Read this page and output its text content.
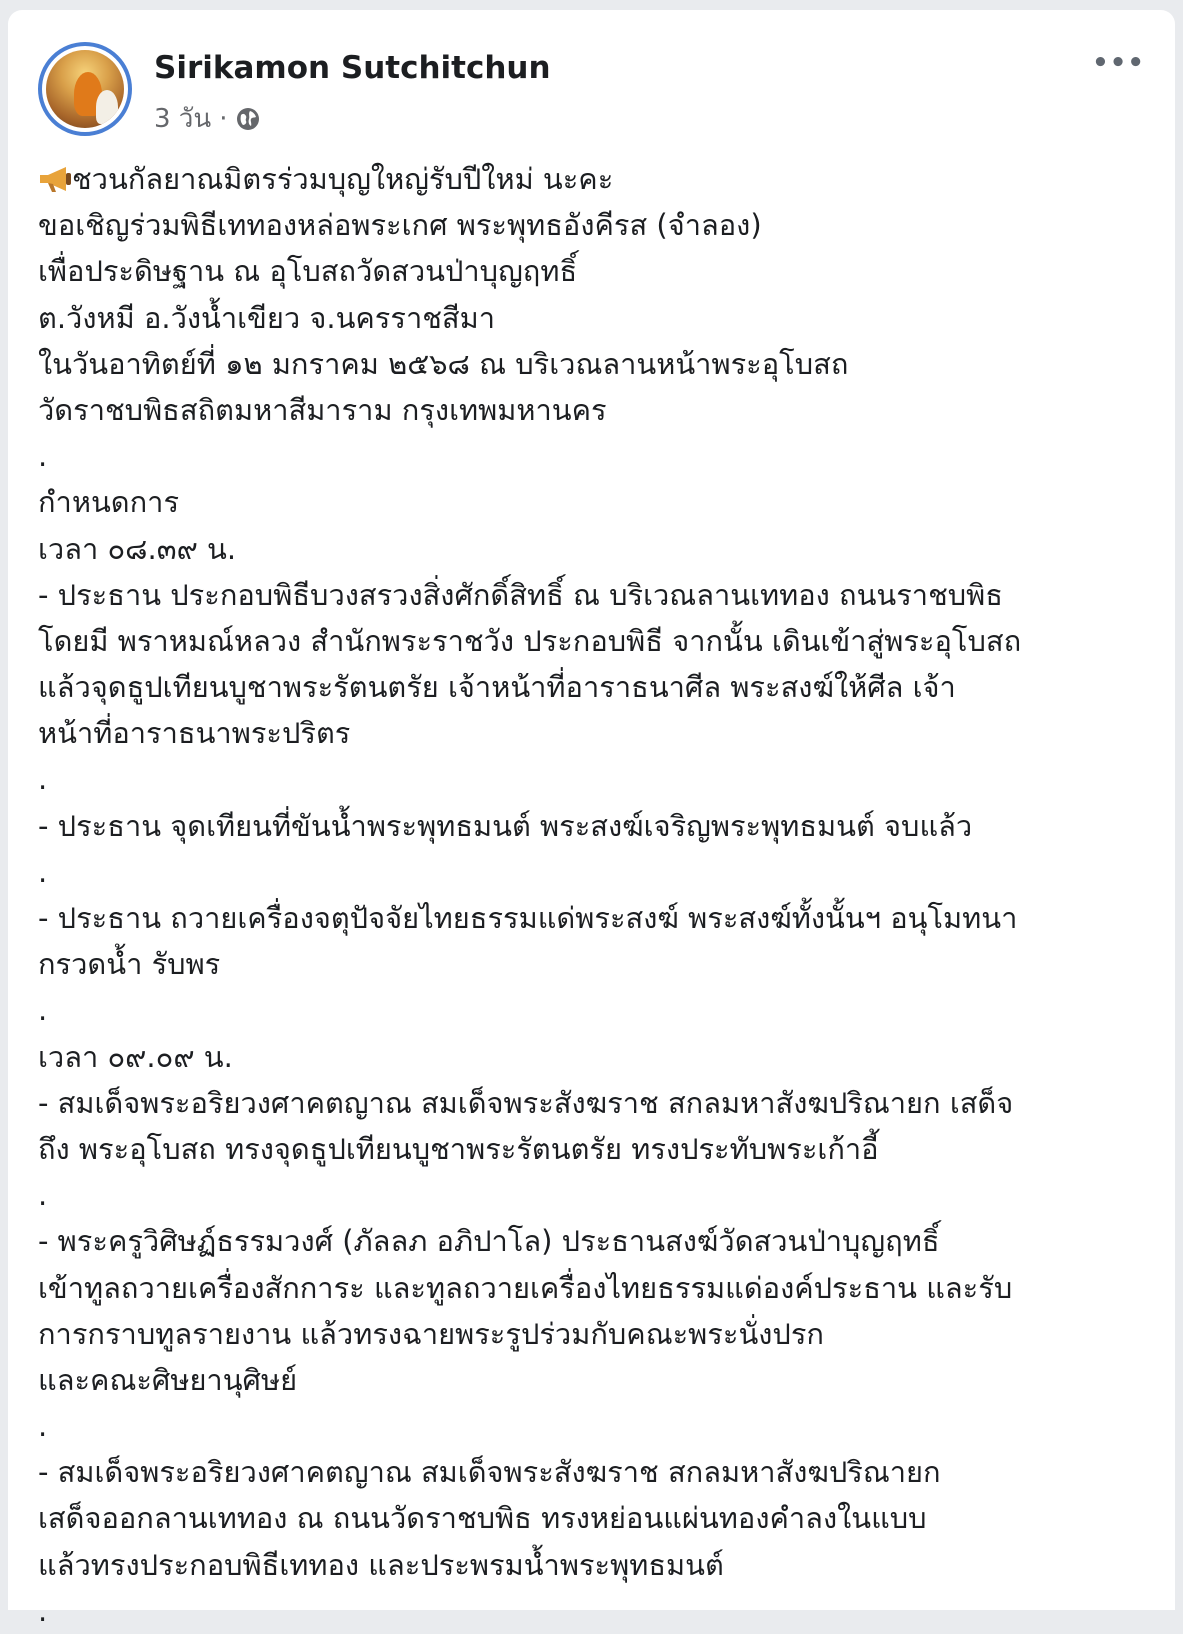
Sirikamon Sutchitchun
3 วัน ·
•••
ชวนกัลยาณมิตรร่วมบุญใหญ่รับปีใหม่ นะคะ
ขอเชิญร่วมพิธีเททองหล่อพระเกศ พระพุทธอังคีรส (จำลอง)
เพื่อประดิษฐาน ณ อุโบสถวัดสวนป่าบุญฤทธิ์
ต.วังหมี อ.วังน้ำเขียว จ.นครราชสีมา
ในวันอาทิตย์ที่ ๑๒ มกราคม ๒๕๖๘ ณ บริเวณลานหน้าพระอุโบสถ
วัดราชบพิธสถิตมหาสีมาราม กรุงเทพมหานคร
.
กำหนดการ
เวลา ๐๘.๓๙ น.
- ประธาน ประกอบพิธีบวงสรวงสิ่งศักดิ์สิทธิ์ ณ บริเวณลานเททอง ถนนราชบพิธ
โดยมี พราหมณ์หลวง สำนักพระราชวัง ประกอบพิธี จากนั้น เดินเข้าสู่พระอุโบสถ
แล้วจุดธูปเทียนบูชาพระรัตนตรัย เจ้าหน้าที่อาราธนาศีล พระสงฆ์ให้ศีล เจ้า
หน้าที่อาราธนาพระปริตร
.
- ประธาน จุดเทียนที่ขันน้ำพระพุทธมนต์ พระสงฆ์เจริญพระพุทธมนต์ จบแล้ว
.
- ประธาน ถวายเครื่องจตุปัจจัยไทยธรรมแด่พระสงฆ์ พระสงฆ์ทั้งนั้นฯ อนุโมทนา
กรวดน้ำ รับพร
.
เวลา ๐๙.๐๙ น.
- สมเด็จพระอริยวงศาคตญาณ สมเด็จพระสังฆราช สกลมหาสังฆปริณายก เสด็จ
ถึง พระอุโบสถ ทรงจุดธูปเทียนบูชาพระรัตนตรัย ทรงประทับพระเก้าอี้
.
- พระครูวิศิษฏ์ธรรมวงศ์ (ภัลลภ อภิปาโล) ประธานสงฆ์วัดสวนป่าบุญฤทธิ์
เข้าทูลถวายเครื่องสักการะ และทูลถวายเครื่องไทยธรรมแด่องค์ประธาน และรับ
การกราบทูลรายงาน แล้วทรงฉายพระรูปร่วมกับคณะพระนั่งปรก
และคณะศิษยานุศิษย์
.
- สมเด็จพระอริยวงศาคตญาณ สมเด็จพระสังฆราช สกลมหาสังฆปริณายก
เสด็จออกลานเททอง ณ ถนนวัดราชบพิธ ทรงหย่อนแผ่นทองคำลงในแบบ
แล้วทรงประกอบพิธีเททอง และประพรมน้ำพระพุทธมนต์
.
